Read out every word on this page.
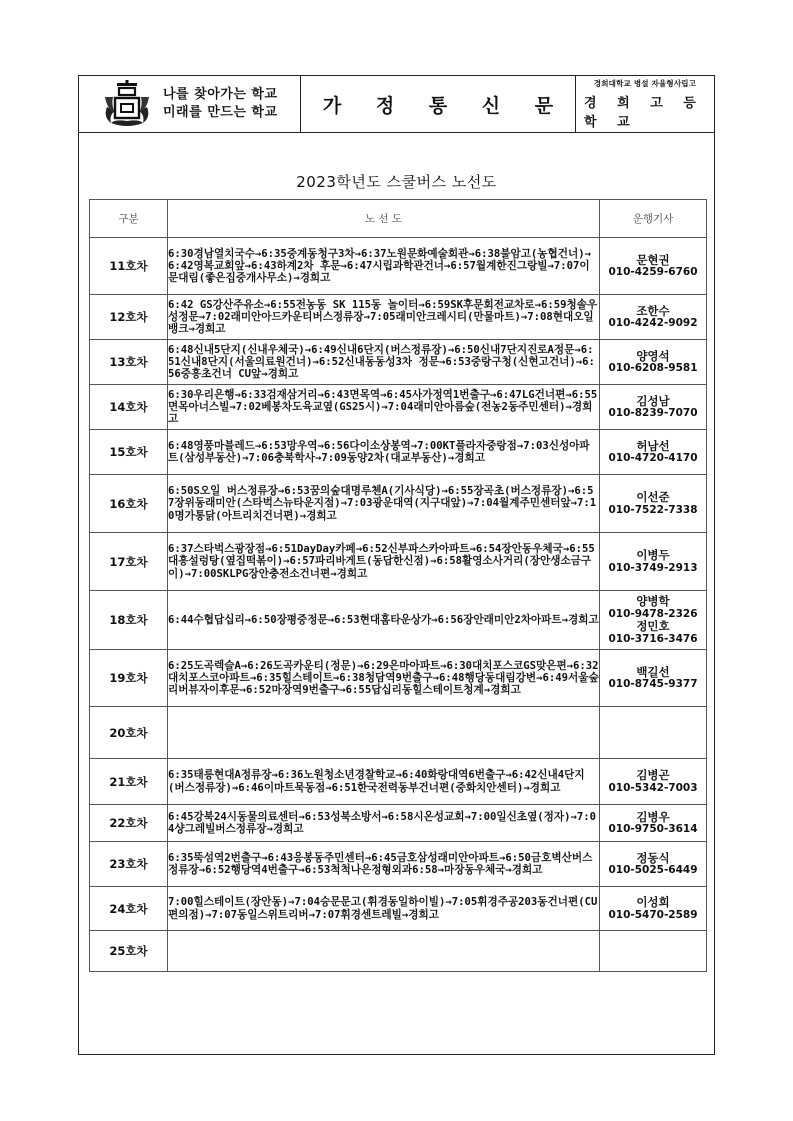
나를 찾아가는 학교
미래를 만드는 학교	가 정 통 신 문
경희대학교 병설 자율형사립고
경 희 고 등 학 교
2023학년도 스쿨버스 노선도
구분	노 선 도	운행기사
11호차	6:30경남열치국수→6:35중계동청구3차→6:37노원문화예술회관→6:38불암고(농협건너)→6:42영복교회앞→6:43하계2차 후문→6:47시립과학관건너→6:57월계한진그랑빌→7:07이문대림(좋은집중개사무소)→경희고	문현권
010-4259-6760

12호차	6:42 GS강산주유소→6:55전농동 SK 115동 놀이터→6:59SK후문회전교차로→6:59청솔우성정문→7:02래미안아드카운티버스정류장→7:05래미안크레시티(만물마트)→7:08현대오일뱅크→경희고	조한수
010-4242-9092

13호차	6:48신내5단지(신내우체국)→6:49신내6단지(버스정류장)→6:50신내7단지진로A정문→6:51신내8단지(서울의료원건너)→6:52신내동동성3차 정문→6:53중랑구청(신현고건너)→6:56중흥초건너 CU앞→경희고	양영석
010-6208-9581

14호차	6:30우리은행→6:33검재삼거리→6:43면목역→6:45사가정역1번출구→6:47LG건너편→6:55면목아너스빌→7:02베봉차도육교옆(GS25시)→7:04래미안아름숲(전농2동주민센터)→경희고	김성남
010-8239-7070

15호차	6:48영풍마블레드→6:53망우역→6:56다이소상봉역→7:00KT플라자중랑점→7:03신성아파트(삼성부동산)→7:06충북학사→7:09동양2차(대교부동산)→경희고	허남선
010-4720-4170

16호차	6:50S오일 버스정류장→6:53꿈의숲대명루첸A(기사식당)→6:55장곡초(버스정류장)→6:57장위동래미안(스타벅스뉴타운지점)→7:03광운대역(지구대앞)→7:04월계주민센터앞→7:10명가통닭(아트리치건너편)→경희고	이선준
010-7522-7338

17호차	6:37스타벅스광장점→6:51DayDay카페→6:52신부파스카아파트→6:54장안동우체국→6:55대흥설렁탕(옆집떡볶이)→6:57파리바게트(동답한신점)→6:58활영소사거리(장안생소금구이)→7:00SKLPG장안충전소건너편→경희고	이병두
010-3749-2913

18호차	6:44수협답십리→6:50장평중정문→6:53현대홈타운상가→6:56장안래미안2차아파트→경희고	양병학
010-9478-2326
정민호
010-3716-3476

19호차	6:25도곡렉슬A→6:26도곡카운티(정문)→6:29은마아파트→6:30대치포스코GS맞은편→6:32대치포스코아파트→6:35힐스테이트→6:38청담역9번출구→6:48행당동대림강변→6:49서울숲리버뷰자이후문→6:52마장역9번출구→6:55답십리동힐스테이트청계→경희고	백길선
010-8745-9377

20호차		
21호차	6:35태릉현대A정류장→6:36노원청소년경찰학교→6:40화랑대역6번출구→6:42신내4단지(버스정류장)→6:46이마트묵동점→6:51한국전력동부건너편(중화치안센터)→경희고	김병곤
010-5342-7003

22호차	6:45강북24시동물의료센터→6:53성북소방서→6:58시온성교회→7:00일신초옆(정자)→7:04샹그레빌버스정류장→경희고	김병우
010-9750-3614

23호차	6:35뚝섬역2번출구→6:43응봉동주민센터→6:45금호삼성래미안아파트→6:50금호벽산버스정류장→6:52행당역4번출구→6:53척척나은정형외과6:58→마장동우체국→경희고	정동식
010-5025-6449

24호차	7:00힐스테이트(장안동)→7:04승문문고(휘경동일하이빌)→7:05휘경주공203동건너편(CU편의점)→7:07동일스위트리버→7:07휘경센트레빌→경희고	이성희
010-5470-2589

25호차		
